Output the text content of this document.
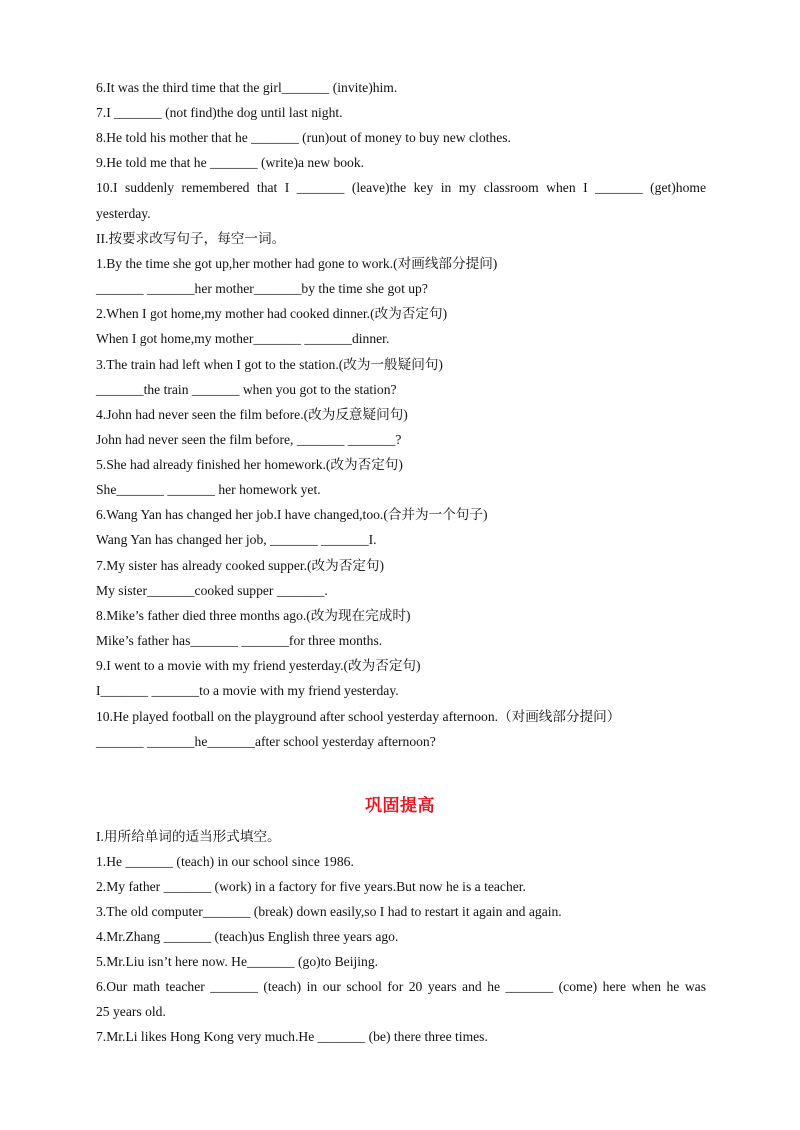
6.It was the third time that the girl_______ (invite)him.
7.I _______ (not find)the dog until last night.
8.He told his mother that he _______ (run)out of money to buy new clothes.
9.He told me that he _______ (write)a new book.
10.I suddenly remembered that I _______ (leave)the key in my classroom when I _______ (get)home
yesterday.
II.按要求改写句子，每空一词。
1.By the time she got up,her mother had gone to work.(对画线部分提问)
_______ _______her mother_______by the time she got up?
2.When I got home,my mother had cooked dinner.(改为否定句)
When I got home,my mother_______ _______dinner.
3.The train had left when I got to the station.(改为一般疑问句)
_______the train _______ when you got to the station?
4.John had never seen the film before.(改为反意疑问句)
John had never seen the film before, _______ _______?
5.She had already finished her homework.(改为否定句)
She_______ _______ her homework yet.
6.Wang Yan has changed her job.I have changed,too.(合并为一个句子)
Wang Yan has changed her job, _______ _______I.
7.My sister has already cooked supper.(改为否定句)
My sister_______cooked supper _______.
8.Mike’s father died three months ago.(改为现在完成时)
Mike’s father has_______ _______for three months.
9.I went to a movie with my friend yesterday.(改为否定句)
I_______ _______to a movie with my friend yesterday.
10.He played football on the playground after school yesterday afternoon.（对画线部分提问）
_______ _______he_______after school yesterday afternoon?
巩固提高
I.用所给单词的适当形式填空。
1.He _______ (teach) in our school since 1986.
2.My father _______ (work) in a factory for five years.But now he is a teacher.
3.The old computer_______ (break) down easily,so I had to restart it again and again.
4.Mr.Zhang _______ (teach)us English three years ago.
5.Mr.Liu isn’t here now. He_______ (go)to Beijing.
6.Our math teacher _______ (teach) in our school for 20 years and he _______ (come) here when he was
25 years old.
7.Mr.Li likes Hong Kong very much.He _______ (be) there three times.
